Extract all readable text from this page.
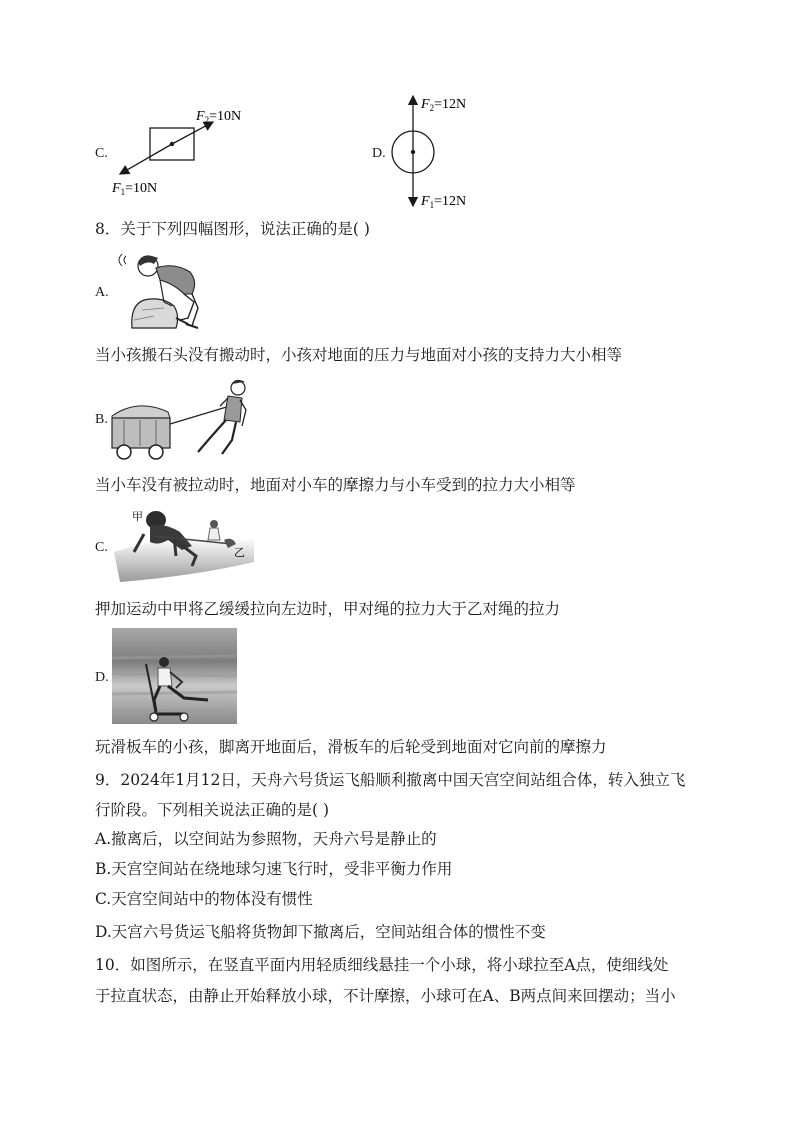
C.
$F_2=10N$
$F_1=10N$
D.
$F_2=12N$
$F_1=12N$
8．关于下列四幅图形，说法正确的是( )
A.
当小孩搬石头没有搬动时，小孩对地面的压力与地面对小孩的支持力大小相等
B.
当小车没有被拉动时，地面对小车的摩擦力与小车受到的拉力大小相等
C.
甲
乙
押加运动中甲将乙缓缓拉向左边时，甲对绳的拉力大于乙对绳的拉力
D.
玩滑板车的小孩，脚离开地面后，滑板车的后轮受到地面对它向前的摩擦力
9．2024年1月12日，天舟六号货运飞船顺利撤离中国天宫空间站组合体，转入独立飞
行阶段。下列相关说法正确的是( )
A.撤离后，以空间站为参照物，天舟六号是静止的
B.天宫空间站在绕地球匀速飞行时，受非平衡力作用
C.天宫空间站中的物体没有惯性
D.天宫六号货运飞船将货物卸下撤离后，空间站组合体的惯性不变
10．如图所示，在竖直平面内用轻质细线悬挂一个小球，将小球拉至A点，使细线处
于拉直状态，由静止开始释放小球，不计摩擦，小球可在A、B两点间来回摆动；当小
